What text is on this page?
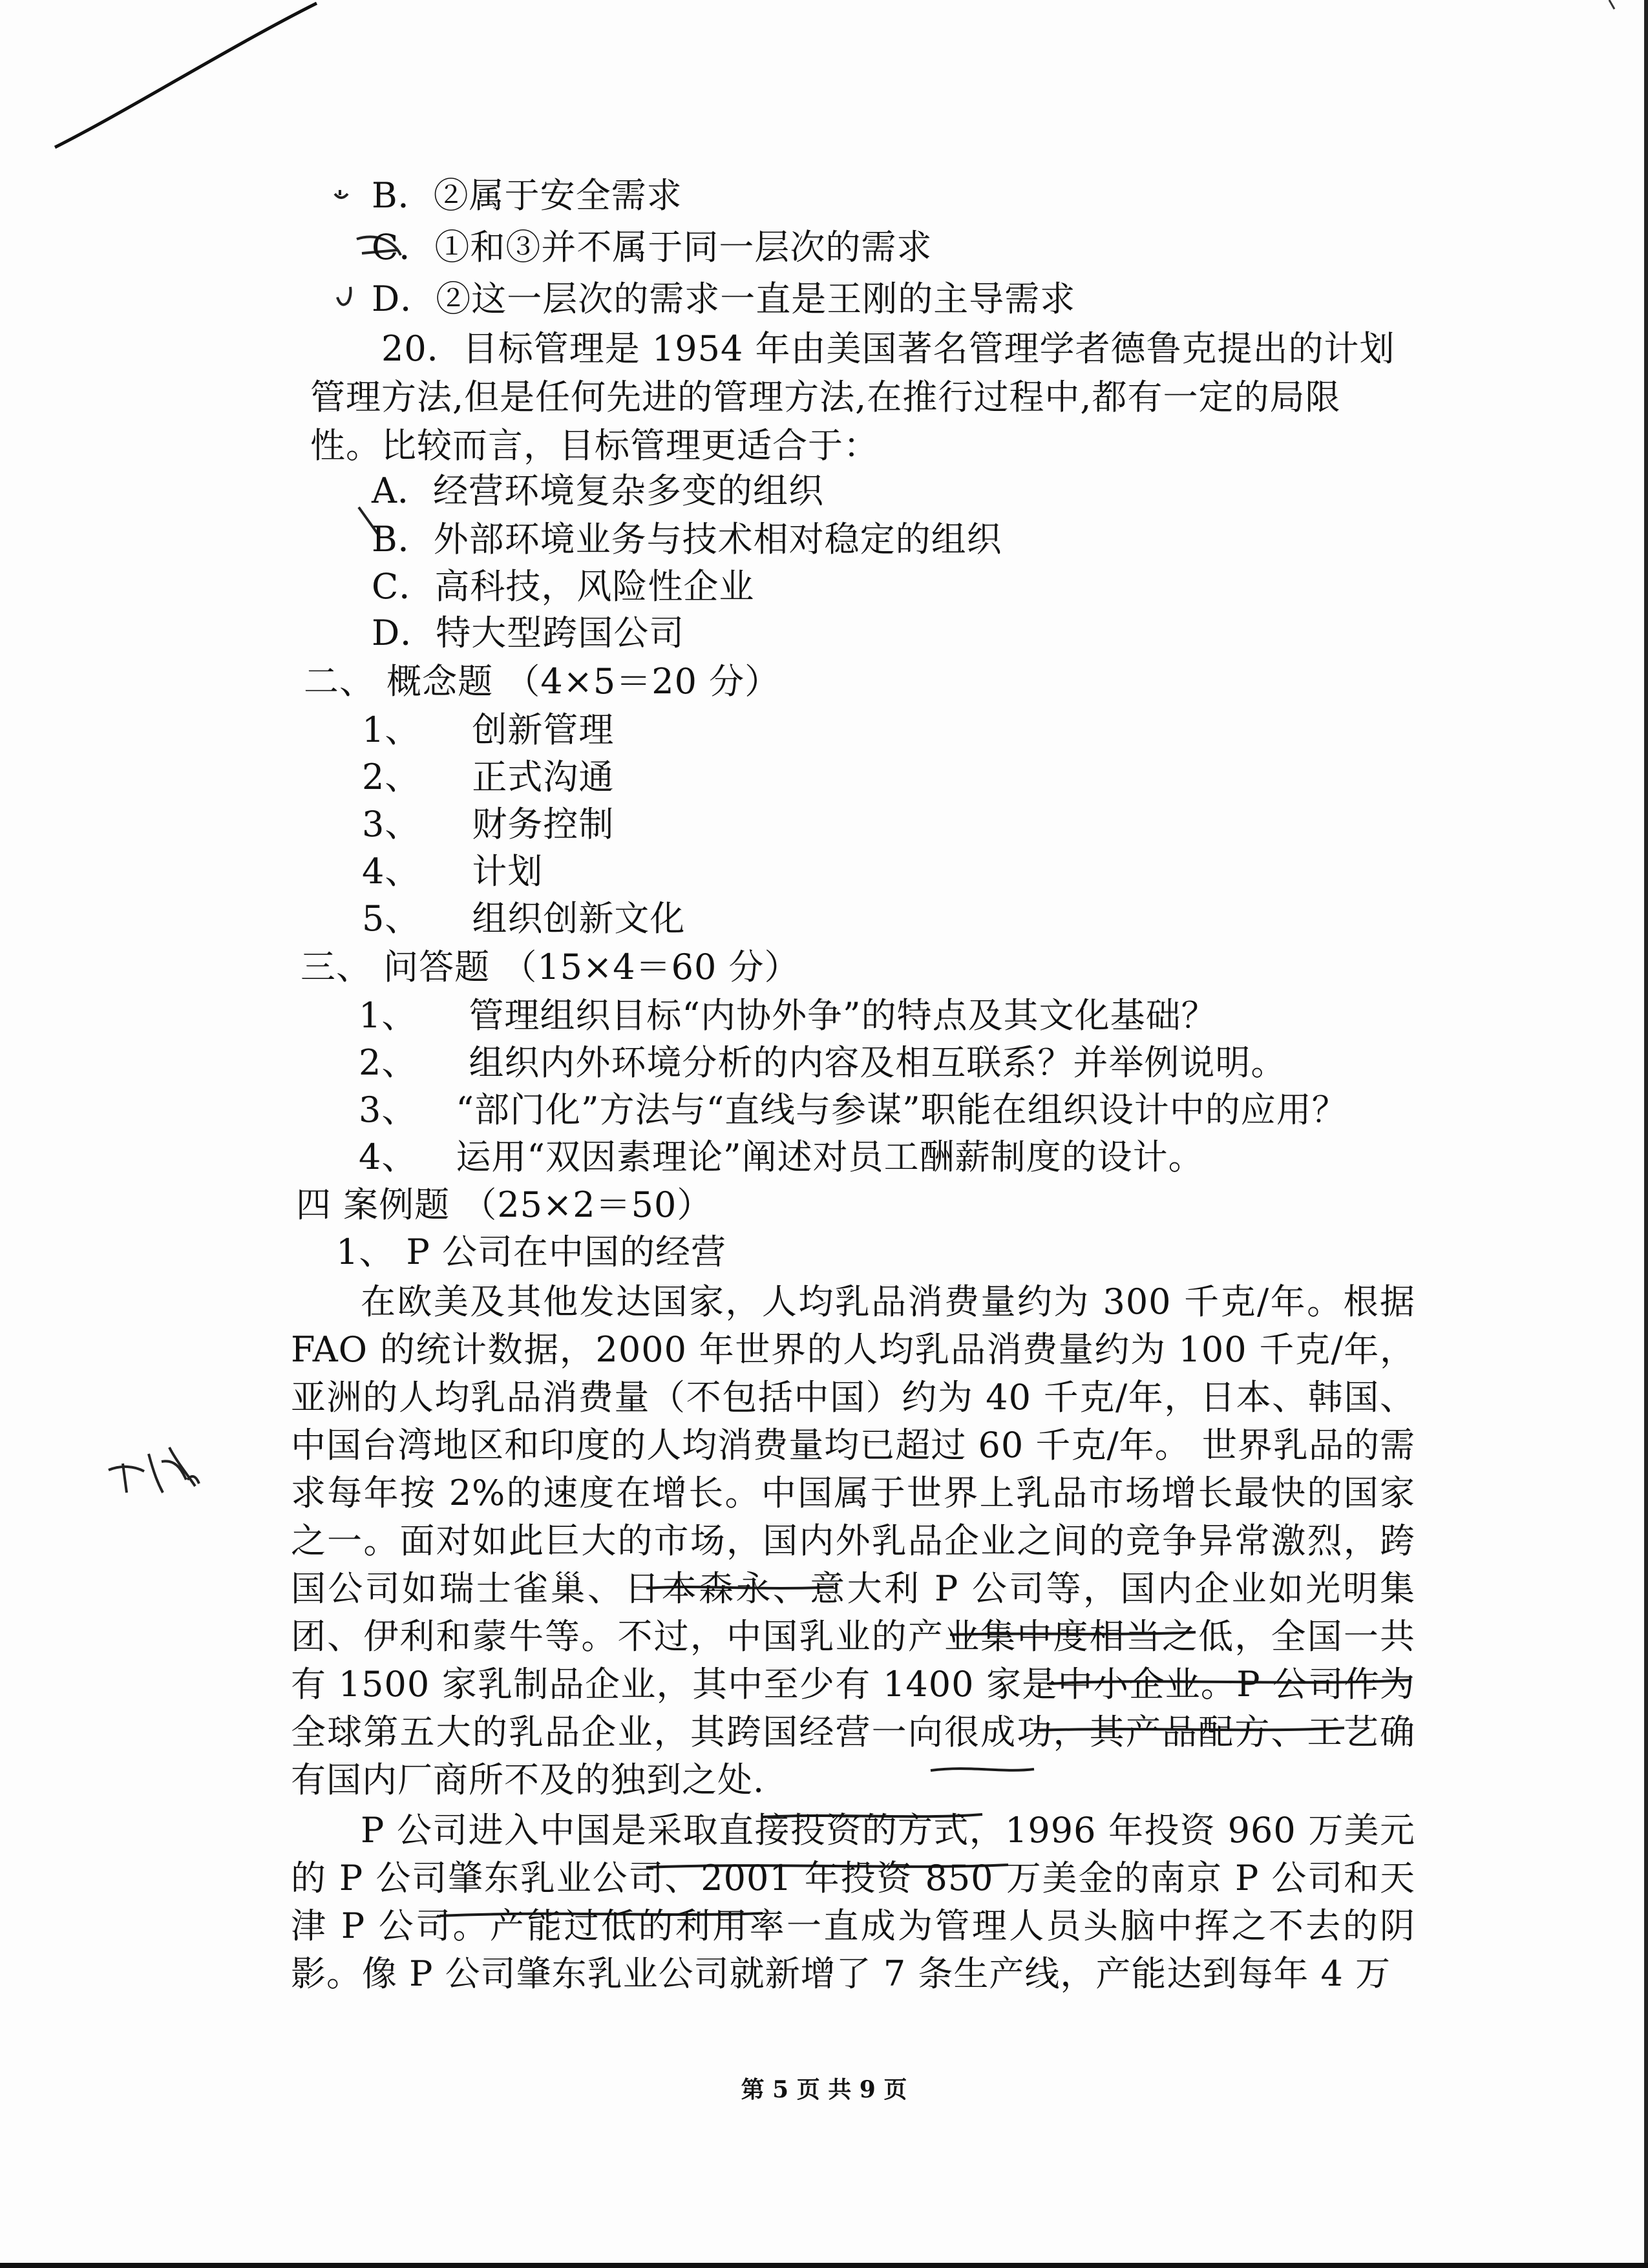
B．②属于安全需求
C．①和③并不属于同一层次的需求
D．②这一层次的需求一直是王刚的主导需求
20．目标管理是 1954 年由美国著名管理学者德鲁克提出的计划
管理方法,但是任何先进的管理方法,在推行过程中,都有一定的局限
性。比较而言，目标管理更适合于：
A．经营环境复杂多变的组织
B．外部环境业务与技术相对稳定的组织
C．高科技，风险性企业
D．特大型跨国公司
二、 概念题 （4×5＝20 分）
1、 创新管理
2、 正式沟通
3、 财务控制
4、 计划
5、 组织创新文化
三、 问答题 （15×4＝60 分）
1、 管理组织目标“内协外争”的特点及其文化基础？
2、 组织内外环境分析的内容及相互联系？并举例说明。
3、 “部门化”方法与“直线与参谋”职能在组织设计中的应用？
4、 运用“双因素理论”阐述对员工酬薪制度的设计。
四 案例题 （25×2＝50）
1、 P 公司在中国的经营

在欧美及其他发达国家，人均乳品消费量约为 300 千克/年。根据 FAO 的统计数据，2000 年世界的人均乳品消费量约为 100 千克/年，亚洲的人均乳品消费量（不包括中国）约为 40 千克/年，日本、韩国、中国台湾地区和印度的人均消费量均已超过 60 千克/年。 世界乳品的需求每年按 2%的速度在增长。中国属于世界上乳品市场增长最快的国家之一。面对如此巨大的市场，国内外乳品企业之间的竞争异常激烈，跨国公司如瑞士雀巢、日本森永、意大利 P 公司等，国内企业如光明集团、伊利和蒙牛等。不过，中国乳业的产业集中度相当之低，全国一共有 1500 家乳制品企业，其中至少有 1400 家是中小企业。P 公司作为全球第五大的乳品企业，其跨国经营一向很成功，其产品配方、工艺确有国内厂商所不及的独到之处.

P 公司进入中国是采取直接投资的方式，1996 年投资 960 万美元的 P 公司肇东乳业公司、2001 年投资 850 万美金的南京 P 公司和天津 P 公司。产能过低的利用率一直成为管理人员头脑中挥之不去的阴影。像 P 公司肇东乳业公司就新增了 7 条生产线，产能达到每年 4 万

第 5 页 共 9 页
